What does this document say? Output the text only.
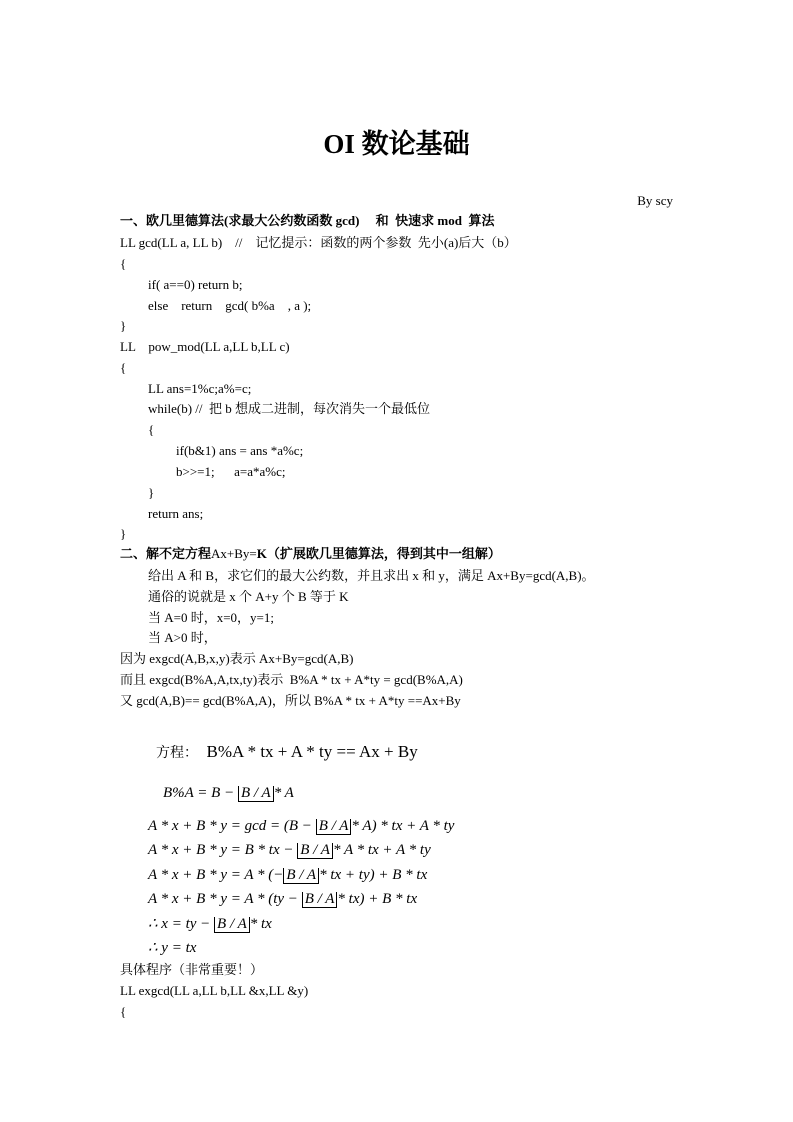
OI 数论基础
By scy
一、欧几里德算法(求最大公约数函数 gcd)　 和  快速求 mod  算法
LL gcd(LL a, LL b)    //    记忆提示：函数的两个参数  先小(a)后大（b）
{
if( a==0) return b;
else    return    gcd( b%a    , a );
}
LL    pow_mod(LL a,LL b,LL c)
{
LL ans=1%c;a%=c;
while(b) //  把 b 想成二进制，每次消失一个最低位
{
if(b&1) ans = ans *a%c;
b>>=1;      a=a*a%c;
}
return ans;
}
二、解不定方程Ax+By=K（扩展欧几里德算法，得到其中一组解）
给出 A 和 B，求它们的最大公约数，并且求出 x 和 y，满足 Ax+By=gcd(A,B)。
通俗的说就是 x 个 A+y 个 B 等于 K
当 A=0 时，x=0，y=1;
当 A>0 时，
因为 exgcd(A,B,x,y)表示 Ax+By=gcd(A,B)
而且 exgcd(B%A,A,tx,ty)表示  B%A * tx + A*ty = gcd(B%A,A)
又 gcd(A,B)== gcd(B%A,A)，所以 B%A * tx + A*ty ==Ax+By
方程： B%A * tx + A * ty == Ax + By
B%A = B − B / A * A
A * x + B * y = gcd = (B − B / A * A) * tx + A * ty
A * x + B * y = B * tx − B / A * A * tx + A * ty
A * x + B * y = A * (− B / A * tx + ty) + B * tx
A * x + B * y = A * (ty − B / A * tx) + B * tx
∴ x = ty − B / A * tx
∴ y = tx
具体程序（非常重要！）
LL exgcd(LL a,LL b,LL &x,LL &y)
{
